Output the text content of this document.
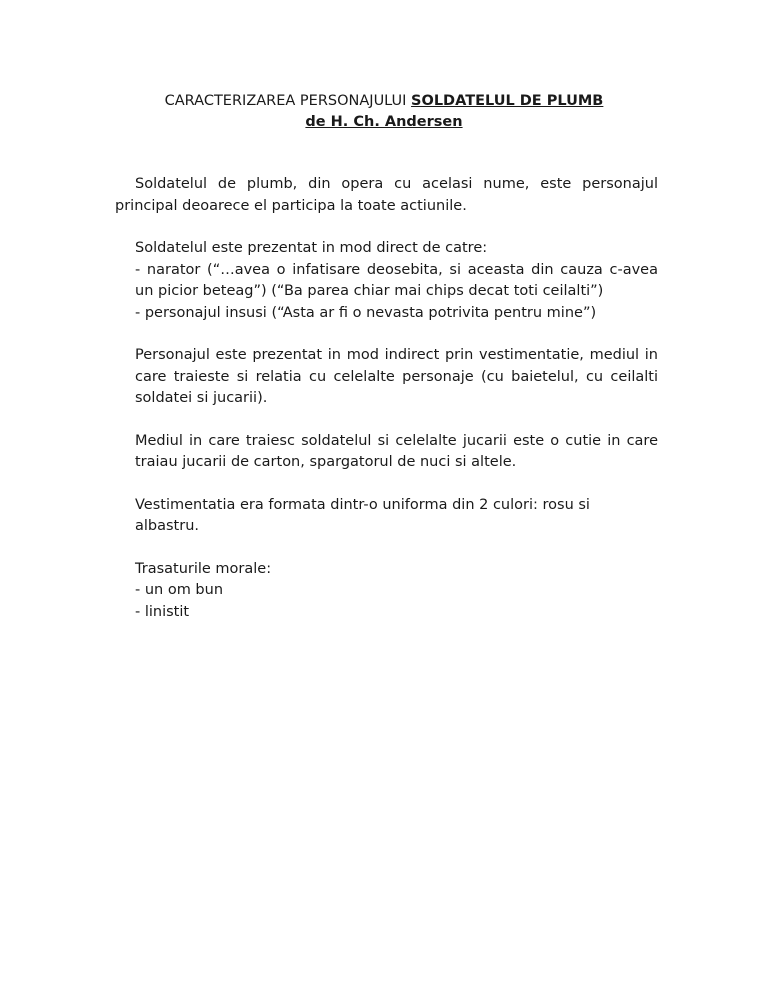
CARACTERIZAREA PERSONAJULUI SOLDATELUL DE PLUMB
de H. Ch. Andersen

Soldatelul de plumb, din opera cu acelasi nume, este personajul principal deoarece el participa la toate actiunile.

Soldatelul este prezentat in mod direct de catre:

- narator (“…avea o infatisare deosebita, si aceasta din cauza c-avea un picior beteag”) (“Ba parea chiar mai chips decat toti ceilalti”)

- personajul insusi (“Asta ar fi o nevasta potrivita pentru mine”)

Personajul este prezentat in mod indirect prin vestimentatie, mediul in care traieste si relatia cu celelalte personaje (cu baietelul, cu ceilalti soldatei si jucarii).

Mediul in care traiesc soldatelul si celelalte jucarii este o cutie in care traiau jucarii de carton, spargatorul de nuci si altele.

Vestimentatia era formata dintr-o uniforma din 2 culori: rosu si albastru.

Trasaturile morale:

- un om bun

- linistit
